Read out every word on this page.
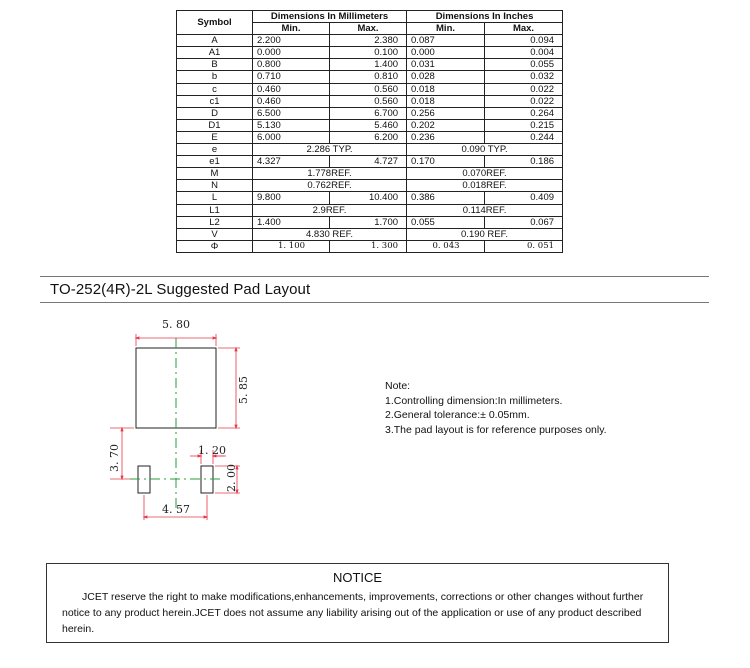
Symbol	Dimensions In Millimeters		Dimensions In Inches	
	Min.	Max.	Min.	Max.
A	2.200	2.380	0.087	0.094
A1	0.000	0.100	0.000	0.004
B	0.800	1.400	0.031	0.055
b	0.710	0.810	0.028	0.032
c	0.460	0.560	0.018	0.022
c1	0.460	0.560	0.018	0.022
D	6.500	6.700	0.256	0.264
D1	5.130	5.460	0.202	0.215
E	6.000	6.200	0.236	0.244
e	2.286 TYP.		0.090 TYP.	
e1	4.327	4.727	0.170	0.186
M	1.778REF.		0.070REF.	
N	0.762REF.		0.018REF.	
L	9.800	10.400	0.386	0.409
L1	2.9REF.		0.114REF.	
L2	1.400	1.700	0.055	0.067
V	4.830 REF.		0.190 REF.	
Φ	1. 100	1. 300	0. 043	0. 051
TO-252(4R)-2L Suggested Pad Layout
5. 80
5. 85
3. 70	1. 20
2. 00
4. 57
Note:
1.Controlling dimension:In millimeters.
2.General tolerance:± 0.05mm.
3.The pad layout is for reference purposes only.
NOTICE
JCET reserve the right to make modifications,enhancements, improvements, corrections or other changes without further notice to any product herein.JCET does not assume any liability arising out of the application or use of any product described herein.
